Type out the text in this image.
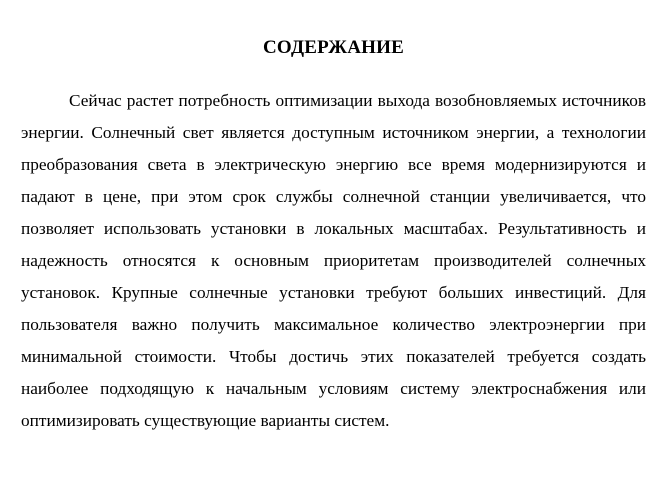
СОДЕРЖАНИЕ

Сейчас растет потребность оптимизации выхода возобновляемых источников энергии. Солнечный свет является доступным источником энергии, а технологии преобразования света в электрическую энергию все время модернизируются и падают в цене, при этом срок службы солнечной станции увеличивается, что позволяет использовать установки в локальных масштабах. Результативность и надежность относятся к основным приоритетам производителей солнечных установок. Крупные солнечные установки требуют больших инвестиций. Для пользователя важно получить максимальное количество электроэнергии при минимальной стоимости. Чтобы достичь этих показателей требуется создать наиболее подходящую к начальным условиям систему электроснабжения или оптимизировать существующие варианты систем.
